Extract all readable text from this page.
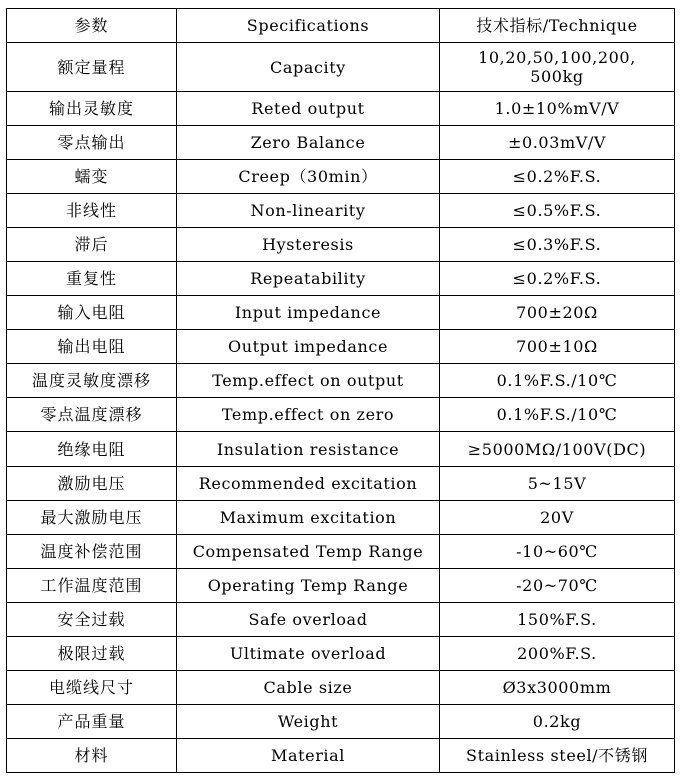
参数	Specifications	技术指标/Technique
额定量程	Capacity	10,20,50,100,200,
500kg
输出灵敏度	Reted output	1.0±10%mV/V
零点输出	Zero Balance	±0.03mV/V
蠕变	Creep（30min）	≤0.2%F.S.
非线性	Non-linearity	≤0.5%F.S.
滞后	Hysteresis	≤0.3%F.S.
重复性	Repeatability	≤0.2%F.S.
输入电阻	Input impedance	700±20Ω
输出电阻	Output impedance	700±10Ω
温度灵敏度漂移	Temp.effect on output	0.1%F.S./10℃
零点温度漂移	Temp.effect on zero	0.1%F.S./10℃
绝缘电阻	Insulation resistance	≥5000MΩ/100V(DC)
激励电压	Recommended excitation	5~15V
最大激励电压	Maximum excitation	20V
温度补偿范围	Compensated Temp Range	-10~60℃
工作温度范围	Operating Temp Range	-20~70℃
安全过载	Safe overload	150%F.S.
极限过载	Ultimate overload	200%F.S.
电缆线尺寸	Cable size	Ø3x3000mm
产品重量	Weight	0.2kg
材料	Material	Stainless steel/不锈钢
